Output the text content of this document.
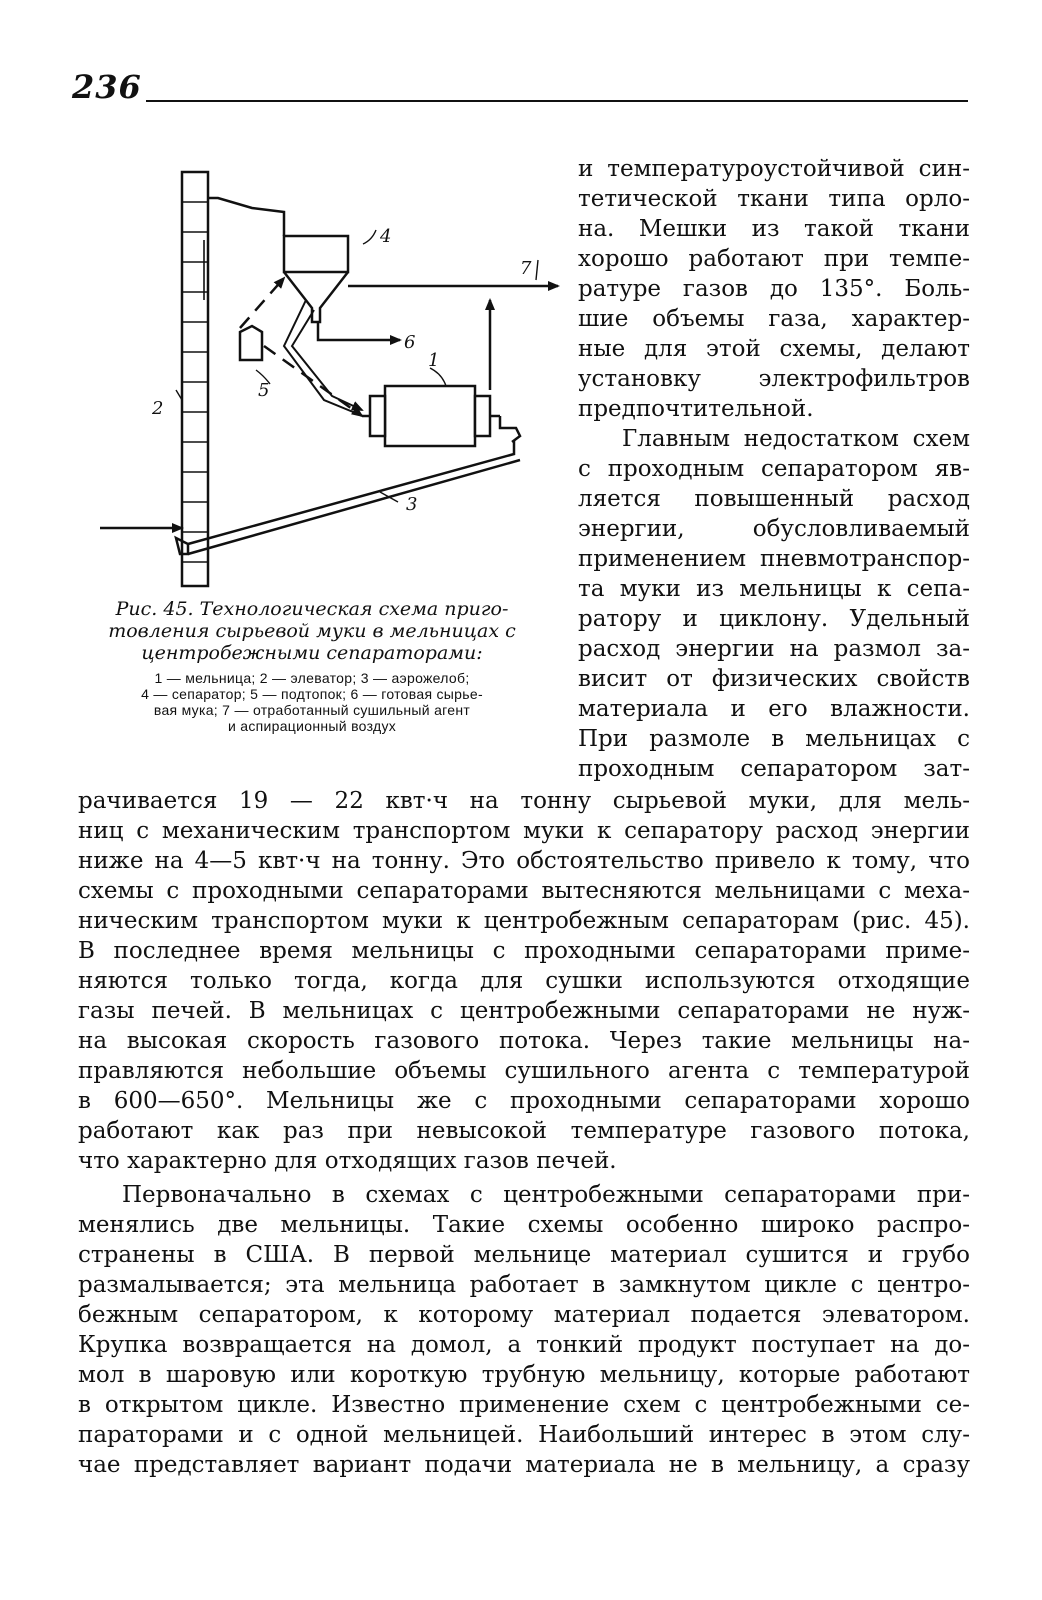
236
1
2
3
4
5
6
7
Рис. 45. Технологическая схема приго-
товления сырьевой муки в мельницах с
центробежными сепараторами:
1 — мельница; 2 — элеватор; 3 — аэрожелоб;
4 — сепаратор; 5 — подтопок; 6 — готовая сырье-
вая мука; 7 — отработанный сушильный агент
и аспирационный воздух
и температуроустойчивой син-
тетической ткани типа орло-
на. Мешки из такой ткани
хорошо работают при темпе-
ратуре газов до 135°. Боль-
шие объемы газа, характер-
ные для этой схемы, делают
установку электрофильтров
предпочтительной.
Главным недостатком схем
с проходным сепаратором яв-
ляется повышенный расход
энергии, обусловливаемый
применением пневмотранспор-
та муки из мельницы к сепа-
ратору и циклону. Удельный
расход энергии на размол за-
висит от физических свойств
материала и его влажности.
При размоле в мельницах с
проходным сепаратором зат-
рачивается 19 — 22 квт·ч на тонну сырьевой муки, для мель-
ниц с механическим транспортом муки к сепаратору расход энергии
ниже на 4—5 квт·ч на тонну. Это обстоятельство привело к тому, что
схемы с проходными сепараторами вытесняются мельницами с меха-
ническим транспортом муки к центробежным сепараторам (рис. 45).
В последнее время мельницы с проходными сепараторами приме-
няются только тогда, когда для сушки используются отходящие
газы печей. В мельницах с центробежными сепараторами не нуж-
на высокая скорость газового потока. Через такие мельницы на-
правляются небольшие объемы сушильного агента с температурой
в 600—650°. Мельницы же с проходными сепараторами хорошо
работают как раз при невысокой температуре газового потока,
что характерно для отходящих газов печей.
Первоначально в схемах с центробежными сепараторами при-
менялись две мельницы. Такие схемы особенно широко распро-
странены в США. В первой мельнице материал сушится и грубо
размалывается; эта мельница работает в замкнутом цикле с центро-
бежным сепаратором, к которому материал подается элеватором.
Крупка возвращается на домол, а тонкий продукт поступает на до-
мол в шаровую или короткую трубную мельницу, которые работают
в открытом цикле. Известно применение схем с центробежными се-
параторами и с одной мельницей. Наибольший интерес в этом слу-
чае представляет вариант подачи материала не в мельницу, а сразу
